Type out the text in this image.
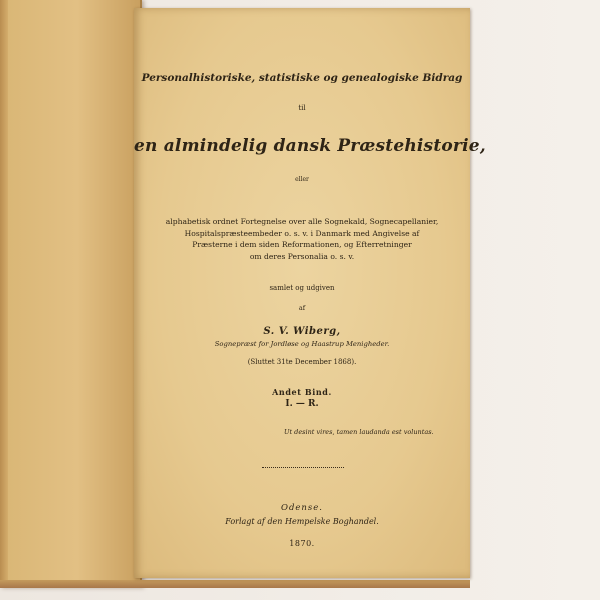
Personalhistoriske, statistiske og genealogiske Bidrag
til
en almindelig dansk Præstehistorie,
eller
alphabetisk ordnet Fortegnelse over alle Sognekald, Sognecapellanier,
Hospitalspræsteembeder o. s. v. i Danmark med Angivelse af
Præsterne i dem siden Reformationen, og Efterretninger
om deres Personalia o. s. v.
samlet og udgiven
af
S. V. Wiberg,
Sognepræst for Jordløse og Haastrup Menigheder.
(Sluttet 31te December 1868).
Andet Bind.
I. — R.
Ut desint vires, tamen laudanda est voluntas.
Odense.
Forlagt af den Hempelske Boghandel.
1870.
